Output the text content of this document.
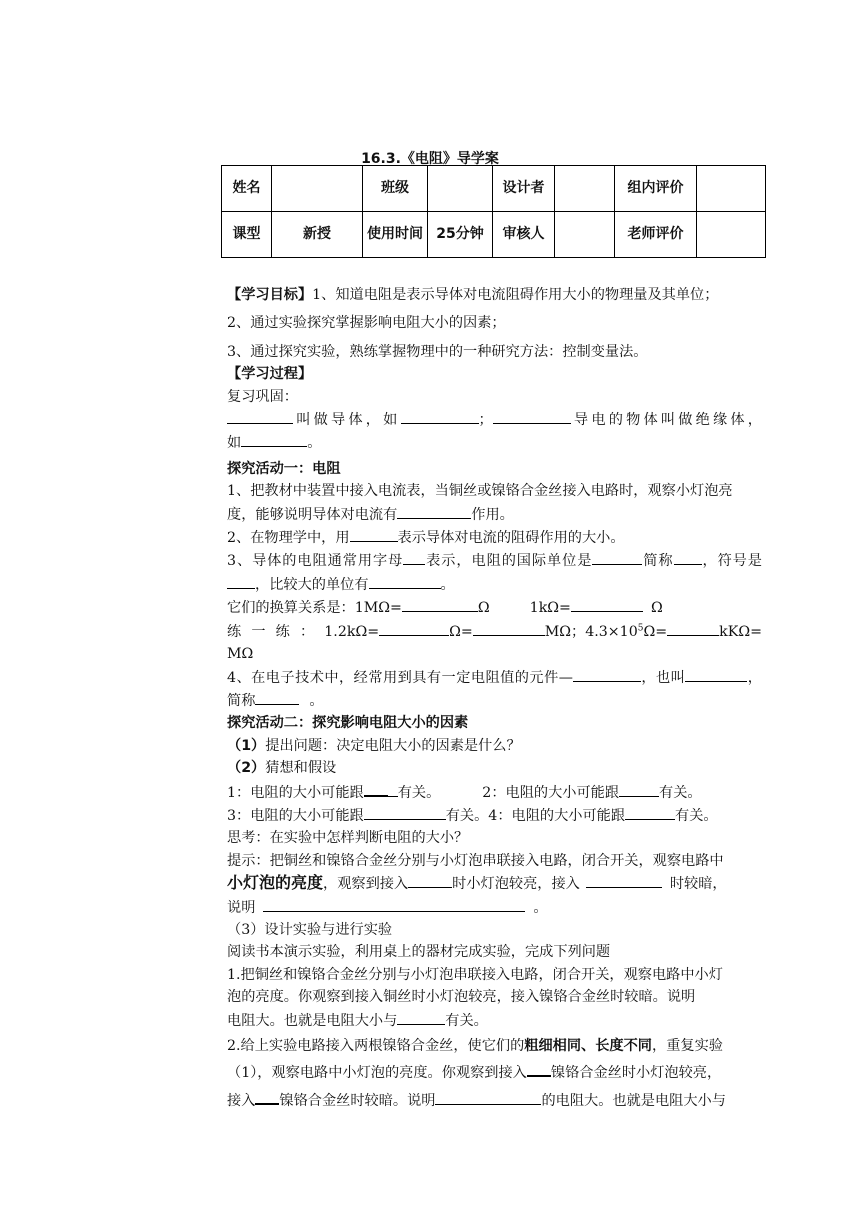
16.3.《电阻》导学案
姓名		班级		设计者		组内评价	
课型	新授	使用时间	25分钟	审核人		老师评价	

【学习目标】1、知道电阻是表示导体对电流阻碍作用大小的物理量及其单位；

2、通过实验探究掌握影响电阻大小的因素；

3、通过探究实验，熟练掌握物理中的一种研究方法：控制变量法。

【学习过程】

复习巩固：

叫做导体，如	；	导电的物体叫做绝缘体，

如	。

探究活动一：电阻

1、把教材中装置中接入电流表，当铜丝或镍铬合金丝接入电路时，观察小灯泡亮

度，能够说明导体对电流有	作用。

2、在物理学中，用	表示导体对电流的阻碍作用的大小。

3、导体的电阻通常用字母 表示，电阻的国际单位是	简称 ，符号是

，比较大的单位有	。

它们的换算关系是：1MΩ=	Ω	1kΩ=	Ω

练一练：1.2kΩ=	Ω=	MΩ；$4.3\times 10^5\Omega=$	kKΩ=

MΩ

4、在电子技术中，经常用到具有一定电阻值的元件—	，也叫	，

简称	。

探究活动二：探究影响电阻大小的因素

（1）提出问题：决定电阻大小的因素是什么？

（2）猜想和假设

1：电阻的大小可能跟 有关。	2：电阻的大小可能跟	有关。

3：电阻的大小可能跟	有关。4：电阻的大小可能跟	有关。

思考：在实验中怎样判断电阻的大小？

提示：把铜丝和镍铬合金丝分别与小灯泡串联接入电路，闭合开关，观察电路中

小灯泡的亮度，观察到接入	时小灯泡较亮，接入	时较暗，

说明	。

（3）设计实验与进行实验

阅读书本演示实验，利用桌上的器材完成实验，完成下列问题

1.把铜丝和镍铬合金丝分别与小灯泡串联接入电路，闭合开关，观察电路中小灯

泡的亮度。你观察到接入铜丝时小灯泡较亮，接入镍铬合金丝时较暗。说明

电阻大。也就是电阻大小与	有关。

2.给上实验电路接入两根镍铬合金丝，使它们的粗细相同、长度不同，重复实验

（1），观察电路中小灯泡的亮度。你观察到接入 镍铬合金丝时小灯泡较亮，

接入 镍铬合金丝时较暗。说明	的电阻大。也就是电阻大小与
